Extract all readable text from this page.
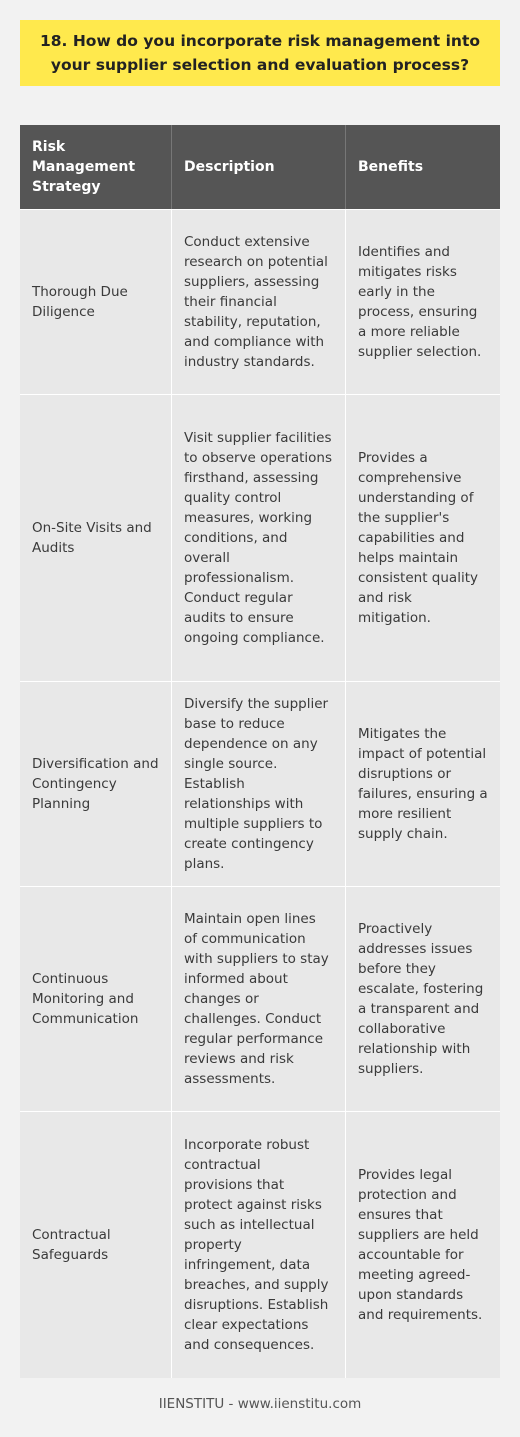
18. How do you incorporate risk management into your supplier selection and evaluation process?
Risk Management Strategy
Description	Benefits
Thorough Due Diligence
Conduct extensive research on potential suppliers, assessing their financial stability, reputation, and compliance with industry standards.
Identifies and mitigates risks early in the process, ensuring a more reliable supplier selection.
On-Site Visits and Audits
Visit supplier facilities to observe operations firsthand, assessing quality control measures, working conditions, and overall professionalism. Conduct regular audits to ensure ongoing compliance.
Provides a comprehensive understanding of the supplier's capabilities and helps maintain consistent quality and risk mitigation.
Diversification and Contingency Planning
Diversify the supplier base to reduce dependence on any single source. Establish relationships with multiple suppliers to create contingency plans.
Mitigates the impact of potential disruptions or failures, ensuring a more resilient supply chain.
Continuous Monitoring and Communication
Maintain open lines of communication with suppliers to stay informed about changes or challenges. Conduct regular performance reviews and risk assessments.
Proactively addresses issues before they escalate, fostering a transparent and collaborative relationship with suppliers.
Contractual Safeguards
Incorporate robust contractual provisions that protect against risks such as intellectual property infringement, data breaches, and supply disruptions. Establish clear expectations and consequences.
Provides legal protection and ensures that suppliers are held accountable for meeting agreed-upon standards and requirements.
IIENSTITU - www.iienstitu.com
